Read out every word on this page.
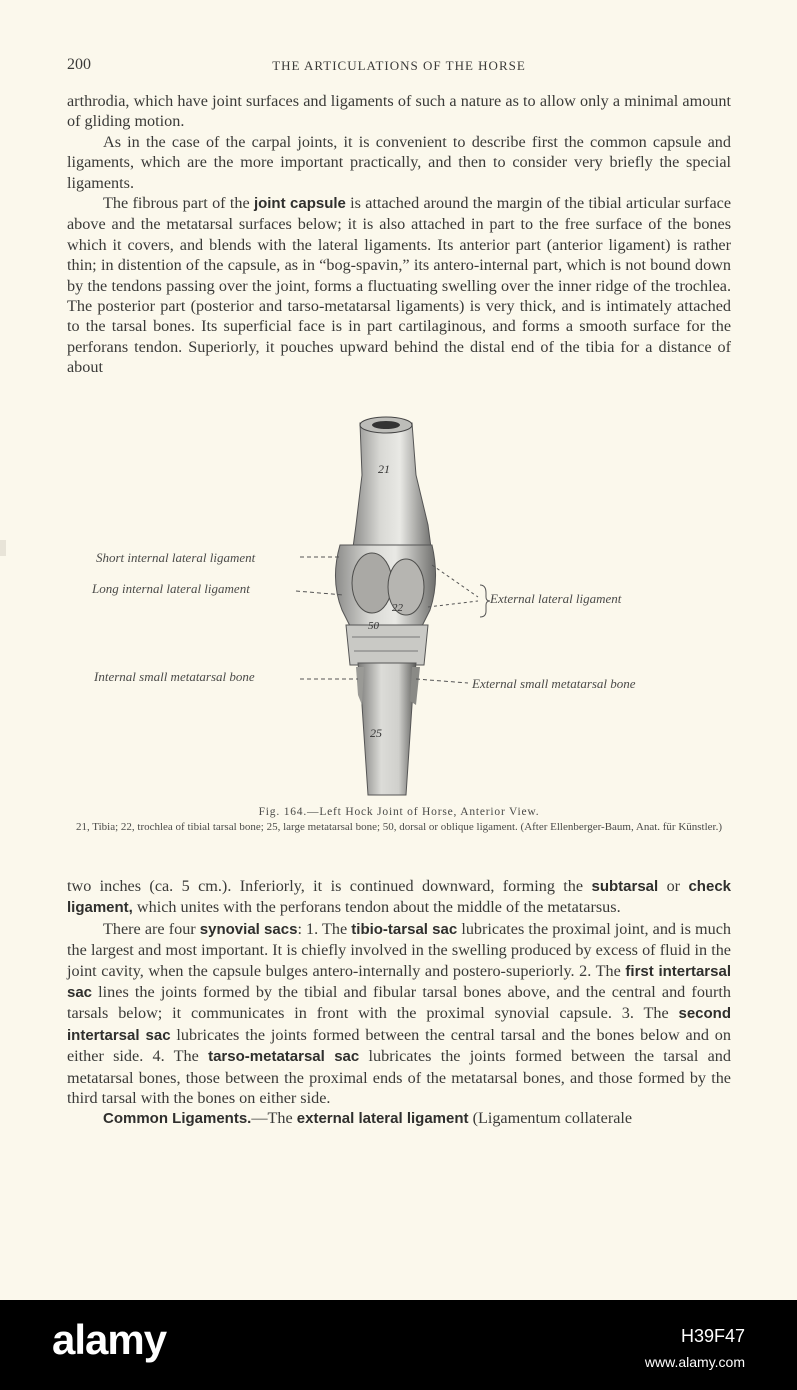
200	THE ARTICULATIONS OF THE HORSE

arthrodia, which have joint surfaces and ligaments of such a nature as to allow only a minimal amount of gliding motion.

As in the case of the carpal joints, it is convenient to describe first the common capsule and ligaments, which are the more important practically, and then to consider very briefly the special ligaments.

The fibrous part of the joint capsule is attached around the margin of the tibial articular surface above and the metatarsal surfaces below; it is also attached in part to the free surface of the bones which it covers, and blends with the lateral ligaments. Its anterior part (anterior ligament) is rather thin; in distention of the capsule, as in “bog-spavin,” its antero-internal part, which is not bound down by the tendons passing over the joint, forms a fluctuating swelling over the inner ridge of the trochlea. The posterior part (posterior and tarso-metatarsal ligaments) is very thick, and is intimately attached to the tarsal bones. Its superficial face is in part cartilaginous, and forms a smooth surface for the perforans tendon. Superiorly, it pouches upward behind the distal end of the tibia for a distance of about

21
22
50
25
Short internal lateral ligament
Long internal lateral ligament
External lateral ligament
Internal small metatarsal bone	External small metatarsal bone
Fig. 164.—Left Hock Joint of Horse, Anterior View.
21, Tibia; 22, trochlea of tibial tarsal bone; 25, large metatarsal bone; 50, dorsal or oblique ligament. (After Ellenberger-Baum, Anat. für Künstler.)

two inches (ca. 5 cm.). Inferiorly, it is continued downward, forming the subtarsal or check ligament, which unites with the perforans tendon about the middle of the metatarsus.

There are four synovial sacs: 1. The tibio-tarsal sac lubricates the proximal joint, and is much the largest and most important. It is chiefly involved in the swelling produced by excess of fluid in the joint cavity, when the capsule bulges antero-internally and postero-superiorly. 2. The first intertarsal sac lines the joints formed by the tibial and fibular tarsal bones above, and the central and fourth tarsals below; it communicates in front with the proximal synovial capsule. 3. The second intertarsal sac lubricates the joints formed between the central tarsal and the bones below and on either side. 4. The tarso-metatarsal sac lubricates the joints formed between the tarsal and metatarsal bones, those between the proximal ends of the metatarsal bones, and those formed by the third tarsal with the bones on either side.

Common Ligaments.—The external lateral ligament (Ligamentum collaterale

alamy	H39F47
www.alamy.com
